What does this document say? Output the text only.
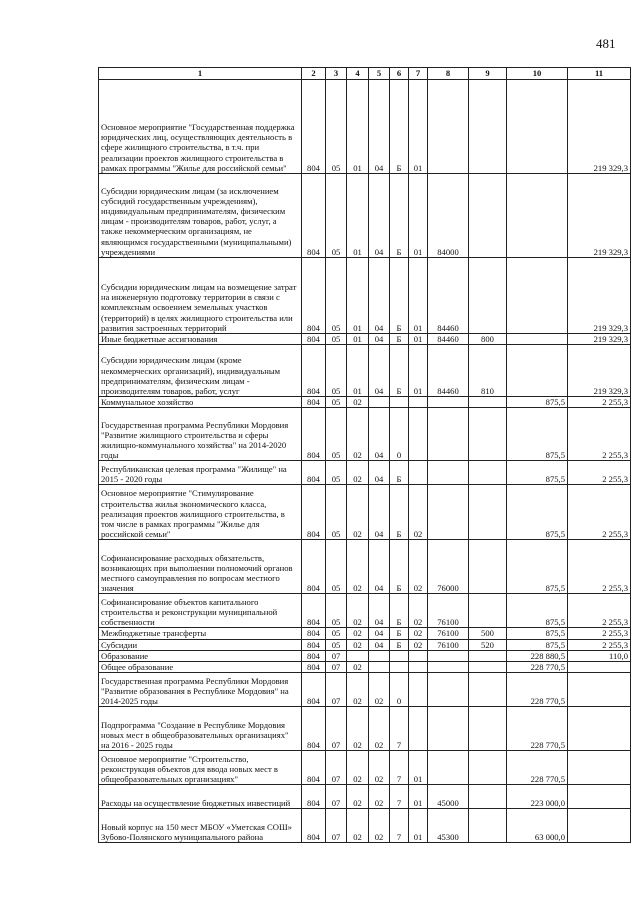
481
1	2	3	4	5	6	7	8	9	10	11
Основное мероприятие "Государственная поддержка юридических лиц, осуществляющих деятельность в сфере жилищного строительства, в т.ч. при реализации проектов жилищного строительства в рамках программы "Жилье для российской семьи"	804	05	01	04	Б	01				219 329,3
Субсидии юридическим лицам (за исключением субсидий государственным учреждениям), индивидуальным предпринимателям, физическим лицам - производителям товаров, работ, услуг, а также некоммерческим организациям, не являющимся государственными (муниципальными) учреждениями	804	05	01	04	Б	01	84000			219 329,3
Субсидии юридическим лицам на возмещение затрат на инженерную подготовку территории в связи с комплексным освоением земельных участков (территорий) в целях жилищного строительства или развития застроенных территорий	804	05	01	04	Б	01	84460			219 329,3
Иные бюджетные ассигнования	804	05	01	04	Б	01	84460	800		219 329,3
Субсидии юридическим лицам (кроме некоммерческих организаций), индивидуальным предпринимателям, физическим лицам - производителям товаров, работ, услуг	804	05	01	04	Б	01	84460	810		219 329,3
Коммунальное хозяйство	804	05	02						875,5	2 255,3
Государственная программа Республики Мордовия "Развитие жилищного строительства и сферы жилищно-коммунального хозяйства" на 2014-2020 годы	804	05	02	04	0				875,5	2 255,3
Республиканская целевая программа "Жилище" на 2015 - 2020 годы	804	05	02	04	Б				875,5	2 255,3
Основное мероприятие "Стимулирование строительства жилья экономического класса, реализация проектов жилищного строительства, в том числе в рамках программы "Жилье для российской семьи"	804	05	02	04	Б	02			875,5	2 255,3
Софинансирование расходных обязательств, возникающих при выполнении полномочий органов местного самоуправления по вопросам местного значения	804	05	02	04	Б	02	76000		875,5	2 255,3
Софинансирование объектов капитального строительства и реконструкции муниципальной собственности	804	05	02	04	Б	02	76100		875,5	2 255,3
Межбюджетные трансферты	804	05	02	04	Б	02	76100	500	875,5	2 255,3
Субсидии	804	05	02	04	Б	02	76100	520	875,5	2 255,3
Образование	804	07							228 880,5	110,0
Общее образование	804	07	02						228 770,5	
Государственная программа Республики Мордовия "Развитие образования в Республике Мордовия" на 2014-2025 годы	804	07	02	02	0				228 770,5	
Подпрограмма "Создание в Республике Мордовия новых мест в общеобразовательных организациях" на 2016 - 2025 годы	804	07	02	02	7				228 770,5	
Основное мероприятие "Строительство, реконструкция объектов для ввода новых мест в общеобразовательных организациях"	804	07	02	02	7	01			228 770,5	
Расходы на осуществление бюджетных инвестиций	804	07	02	02	7	01	45000		223 000,0	
Новый корпус на 150 мест МБОУ «Уметская СОШ» Зубово-Полянского муниципального района	804	07	02	02	7	01	45300		63 000,0	
